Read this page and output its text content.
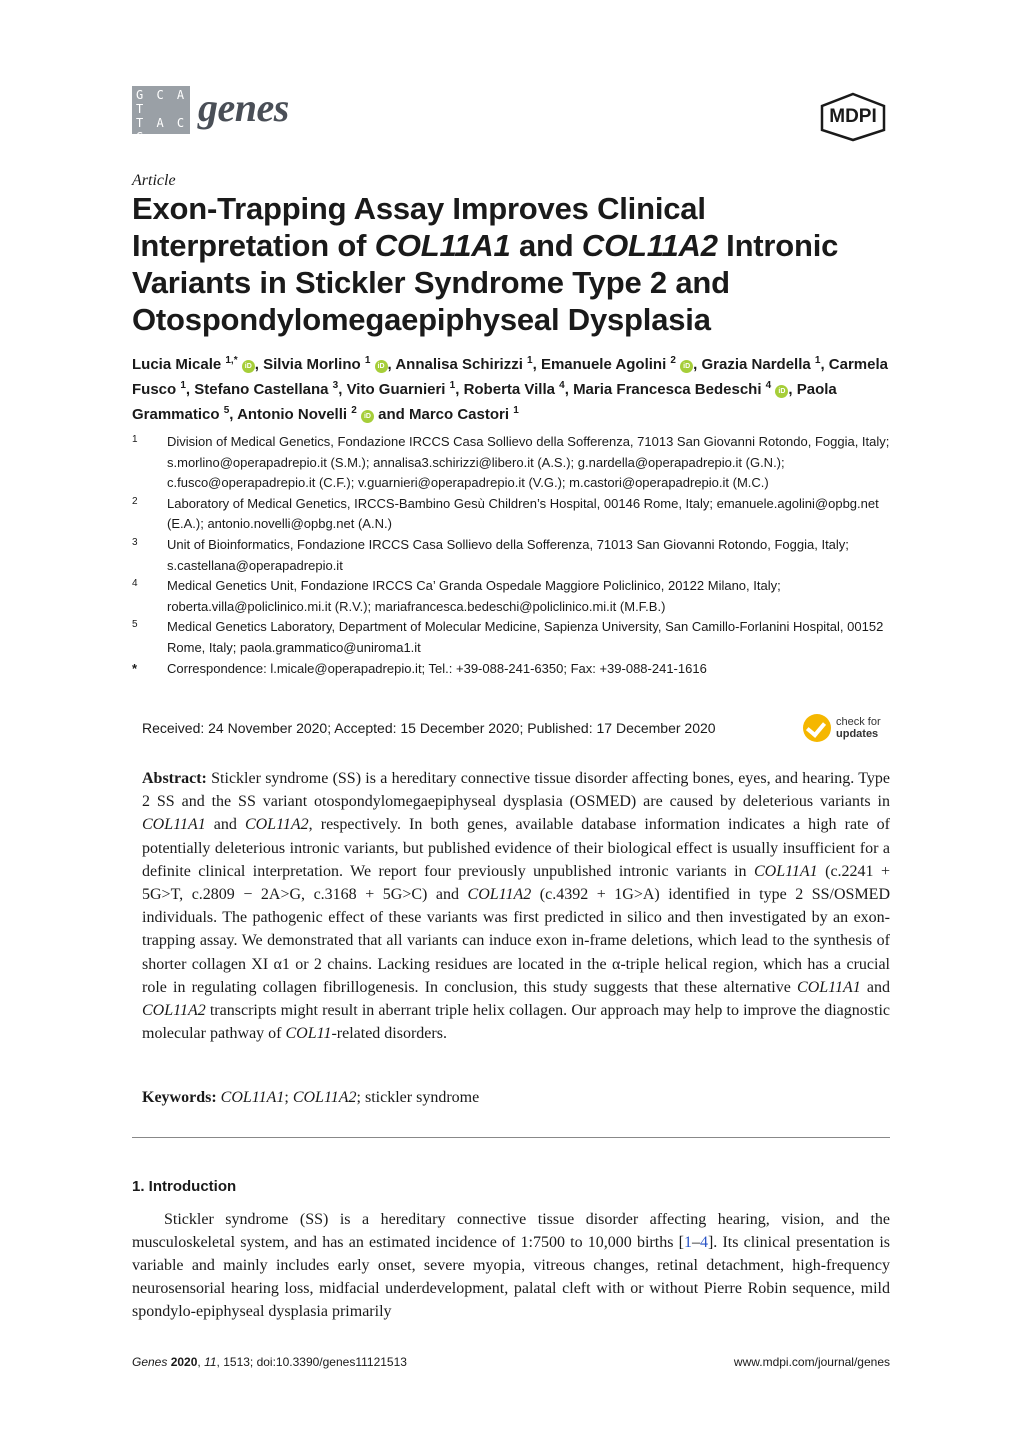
G C A T
T A C G
G C A T
genes	MDPI
Article
Exon-Trapping Assay Improves Clinical Interpretation of COL11A1 and COL11A2 Intronic Variants in Stickler Syndrome Type 2 and Otospondylomegaepiphyseal Dysplasia
Lucia Micale $^{1,*}$ iD , Silvia Morlino $^1$ iD , Annalisa Schirizzi $^1$, Emanuele Agolini $^2$ iD , Grazia Nardella $^1$, Carmela Fusco $^1$, Stefano Castellana $^3$, Vito Guarnieri $^1$, Roberta Villa $^4$, Maria Francesca Bedeschi $^4$ iD , Paola Grammatico $^5$, Antonio Novelli $^2$ iD and Marco Castori $^1$
1	Division of Medical Genetics, Fondazione IRCCS Casa Sollievo della Sofferenza, 71013 San Giovanni Rotondo, Foggia, Italy; s.morlino@operapadrepio.it (S.M.); annalisa3.schirizzi@libero.it (A.S.); g.nardella@operapadrepio.it (G.N.); c.fusco@operapadrepio.it (C.F.); v.guarnieri@operapadrepio.it (V.G.); m.castori@operapadrepio.it (M.C.)
2	Laboratory of Medical Genetics, IRCCS-Bambino Gesù Children’s Hospital, 00146 Rome, Italy; emanuele.agolini@opbg.net (E.A.); antonio.novelli@opbg.net (A.N.)
3	Unit of Bioinformatics, Fondazione IRCCS Casa Sollievo della Sofferenza, 71013 San Giovanni Rotondo, Foggia, Italy; s.castellana@operapadrepio.it
4	Medical Genetics Unit, Fondazione IRCCS Ca’ Granda Ospedale Maggiore Policlinico, 20122 Milano, Italy; roberta.villa@policlinico.mi.it (R.V.); mariafrancesca.bedeschi@policlinico.mi.it (M.F.B.)
5	Medical Genetics Laboratory, Department of Molecular Medicine, Sapienza University, San Camillo-Forlanini Hospital, 00152 Rome, Italy; paola.grammatico@uniroma1.it
*	Correspondence: l.micale@operapadrepio.it; Tel.: +39-088-241-6350; Fax: +39-088-241-1616
Received: 24 November 2020; Accepted: 15 December 2020; Published: 17 December 2020	check for
updates
Abstract: Stickler syndrome (SS) is a hereditary connective tissue disorder affecting bones, eyes, and hearing. Type 2 SS and the SS variant otospondylomegaepiphyseal dysplasia (OSMED) are caused by deleterious variants in COL11A1 and COL11A2, respectively. In both genes, available database information indicates a high rate of potentially deleterious intronic variants, but published evidence of their biological effect is usually insufficient for a definite clinical interpretation. We report four previously unpublished intronic variants in COL11A1 (c.2241 + 5G>T, c.2809 − 2A>G, c.3168 + 5G>C) and COL11A2 (c.4392 + 1G>A) identified in type 2 SS/OSMED individuals. The pathogenic effect of these variants was first predicted in silico and then investigated by an exon-trapping assay. We demonstrated that all variants can induce exon in-frame deletions, which lead to the synthesis of shorter collagen XI α1 or 2 chains. Lacking residues are located in the α-triple helical region, which has a crucial role in regulating collagen fibrillogenesis. In conclusion, this study suggests that these alternative COL11A1 and COL11A2 transcripts might result in aberrant triple helix collagen. Our approach may help to improve the diagnostic molecular pathway of COL11-related disorders.
Keywords: COL11A1; COL11A2; stickler syndrome
1. Introduction
Stickler syndrome (SS) is a hereditary connective tissue disorder affecting hearing, vision, and the musculoskeletal system, and has an estimated incidence of 1:7500 to 10,000 births [1–4]. Its clinical presentation is variable and mainly includes early onset, severe myopia, vitreous changes, retinal detachment, high-frequency neurosensorial hearing loss, midfacial underdevelopment, palatal cleft with or without Pierre Robin sequence, mild spondylo-epiphyseal dysplasia primarily
Genes 2020, 11, 1513; doi:10.3390/genes11121513	www.mdpi.com/journal/genes
